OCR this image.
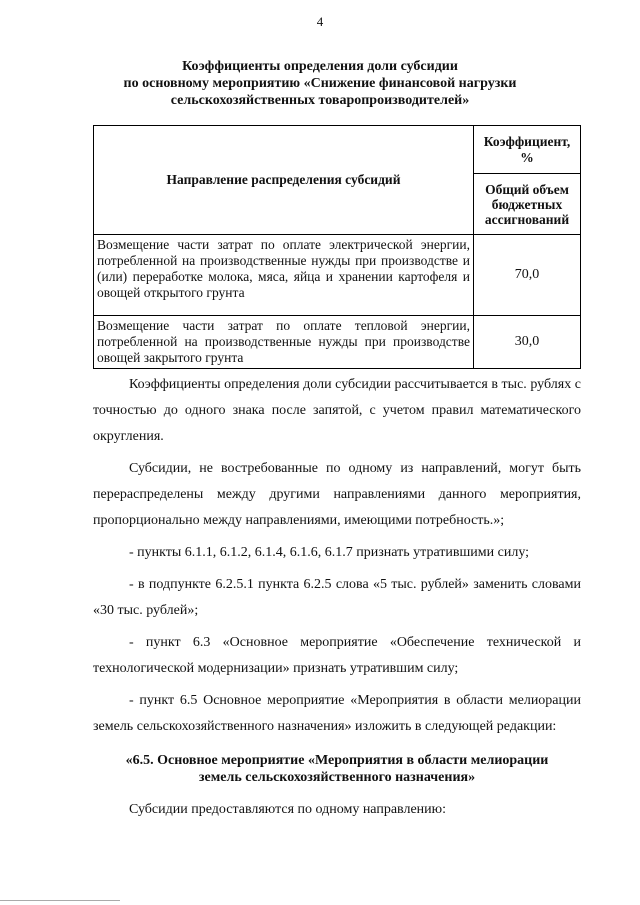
4
Коэффициенты определения доли субсидии
по основному мероприятию «Снижение финансовой нагрузки
сельскохозяйственных товаропроизводителей»
Направление распределения субсидий	Коэффициент, %
	Общий объем бюджетных ассигнований
Возмещение части затрат по оплате электрической энергии, потребленной на производственные нужды при производстве и (или) переработке молока, мяса, яйца и хранении картофеля и овощей открытого грунта	70,0
Возмещение части затрат по оплате тепловой энергии, потребленной на производственные нужды при производстве овощей закрытого грунта	30,0

Коэффициенты определения доли субсидии рассчитывается в тыс. рублях с точностью до одного знака после запятой, с учетом правил математического округления.

Субсидии, не востребованные по одному из направлений, могут быть перераспределены между другими направлениями данного мероприятия, пропорционально между направлениями, имеющими потребность.»;

- пункты 6.1.1, 6.1.2, 6.1.4, 6.1.6, 6.1.7 признать утратившими силу;

- в подпункте 6.2.5.1 пункта 6.2.5 слова «5 тыс. рублей» заменить словами «30 тыс. рублей»;

- пункт 6.3 «Основное мероприятие «Обеспечение технической и технологической модернизации» признать утратившим силу;

- пункт 6.5 Основное мероприятие «Мероприятия в области мелиорации земель сельскохозяйственного назначения» изложить в следующей редакции:

«6.5. Основное мероприятие «Мероприятия в области мелиорации
земель сельскохозяйственного назначения»
Субсидии предоставляются по одному направлению:
